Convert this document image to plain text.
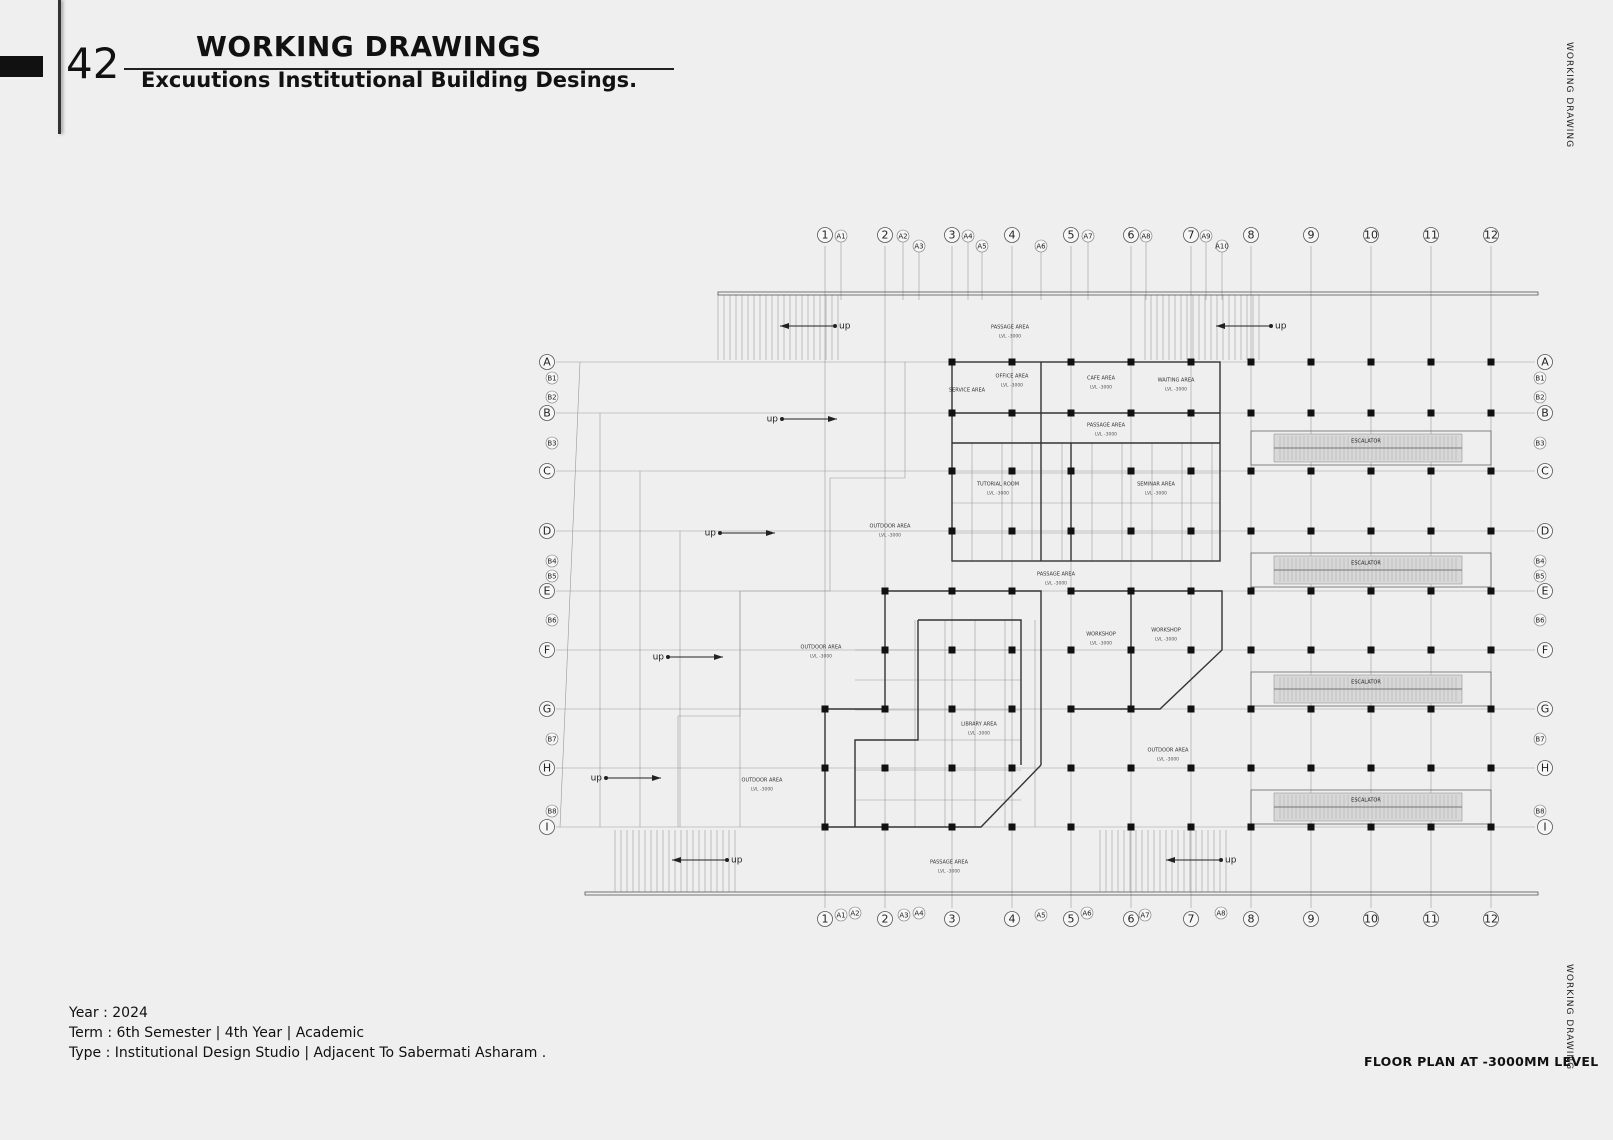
42	WORKING DRAWINGS
Excuutions Institutional Building Desings.	WORKING DRAWING
WORKING DRAWING
Year : 2024
Term : 6th Semester | 4th Year | Academic
Type : Institutional Design Studio | Adjacent To Sabermati Asharam .
FLOOR PLAN AT -3000MM LEVEL
1
1
2
2
3
3
4
4
5
5
6
6
7
7
8
8
9
9
10
10
11
11
12
12
A	A
B	B
C	C
D	D
E	E
F	F
G	G
H	H
I	I
A1	A2
A3
A4
A5	A6
A7	A8	A9
A10
A1 A2	A3 A4	A5	A6	A7	A8
B1	B1
B2	B2
B3	B3
B4	B4
B5	B5
B6	B6
B7	B7
B8	B8
ESCALATOR
ESCALATOR
ESCALATOR
ESCALATOR
up	up
up
up
up
up
up	up
PASSAGE AREA
LVL -3000
OFFICE AREA
LVL -3000
CAFE AREA
LVL -3000
WAITING AREA
LVL -3000
SERVICE AREA
PASSAGE AREA
LVL -3000
TUTORIAL ROOM
LVL -3000
SEMINAR AREA
LVL -3000
OUTDOOR AREA
LVL -3000
PASSAGE AREA
LVL -3000
WORKSHOP
LVL -3000
WORKSHOP
LVL -3000
OUTDOOR AREA
LVL -3000
LIBRARY AREA
LVL -3000
OUTDOOR AREA
LVL -3000
OUTDOOR AREA
LVL -3000
PASSAGE AREA
LVL -3000
